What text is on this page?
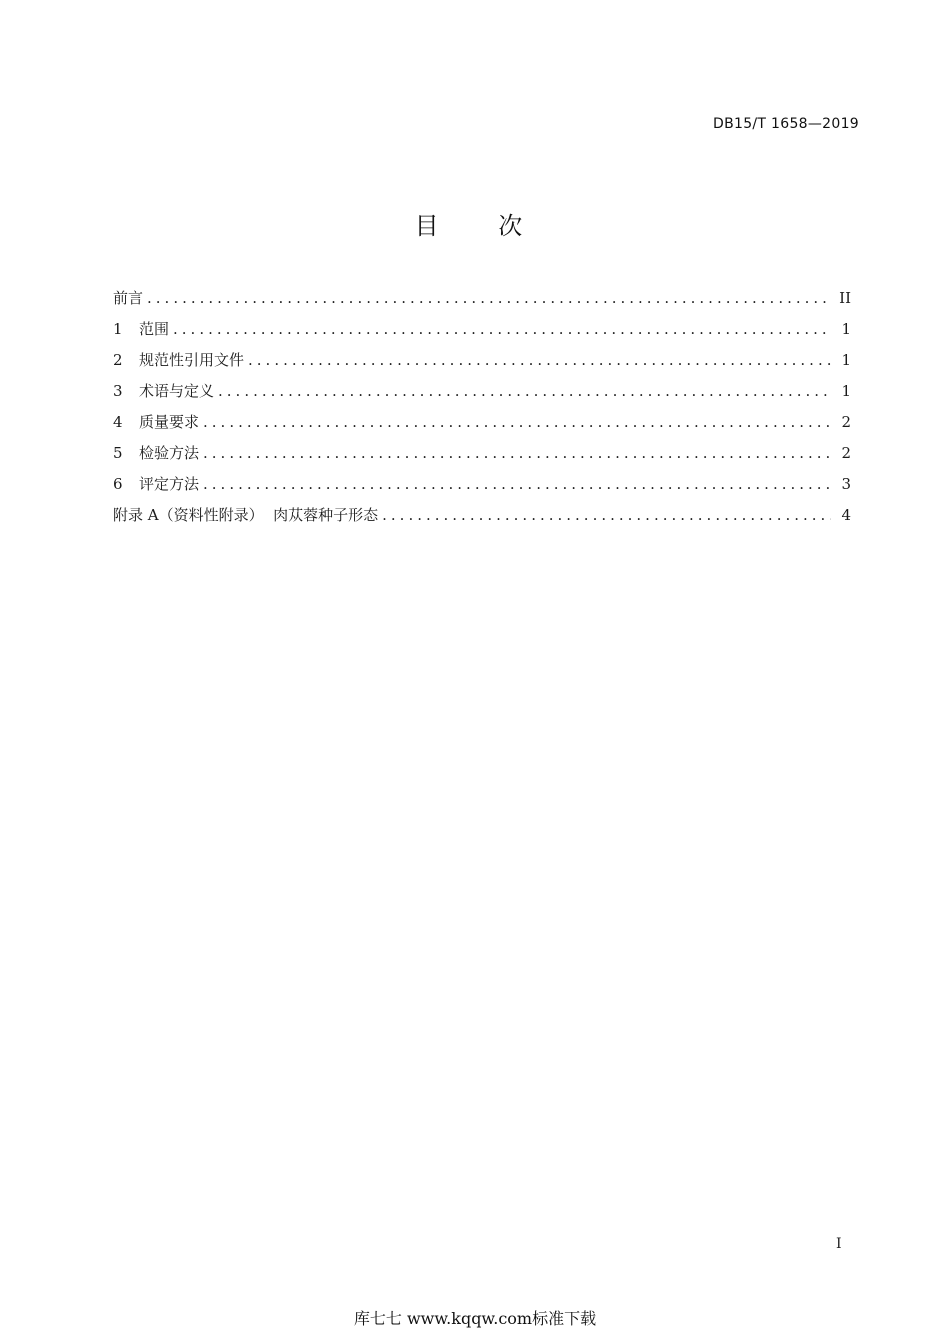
DB15/T 1658—2019
目 次
前言 .....	II
1	范围 .....	1
2	规范性引用文件 .....	1
3	术语与定义 .....	1
4	质量要求 .....	2
5	检验方法 .....	2
6	评定方法 .....	3
附录 A（资料性附录）  肉苁蓉种子形态 .....	4
I
库七七 www.kqqw.com标准下载
